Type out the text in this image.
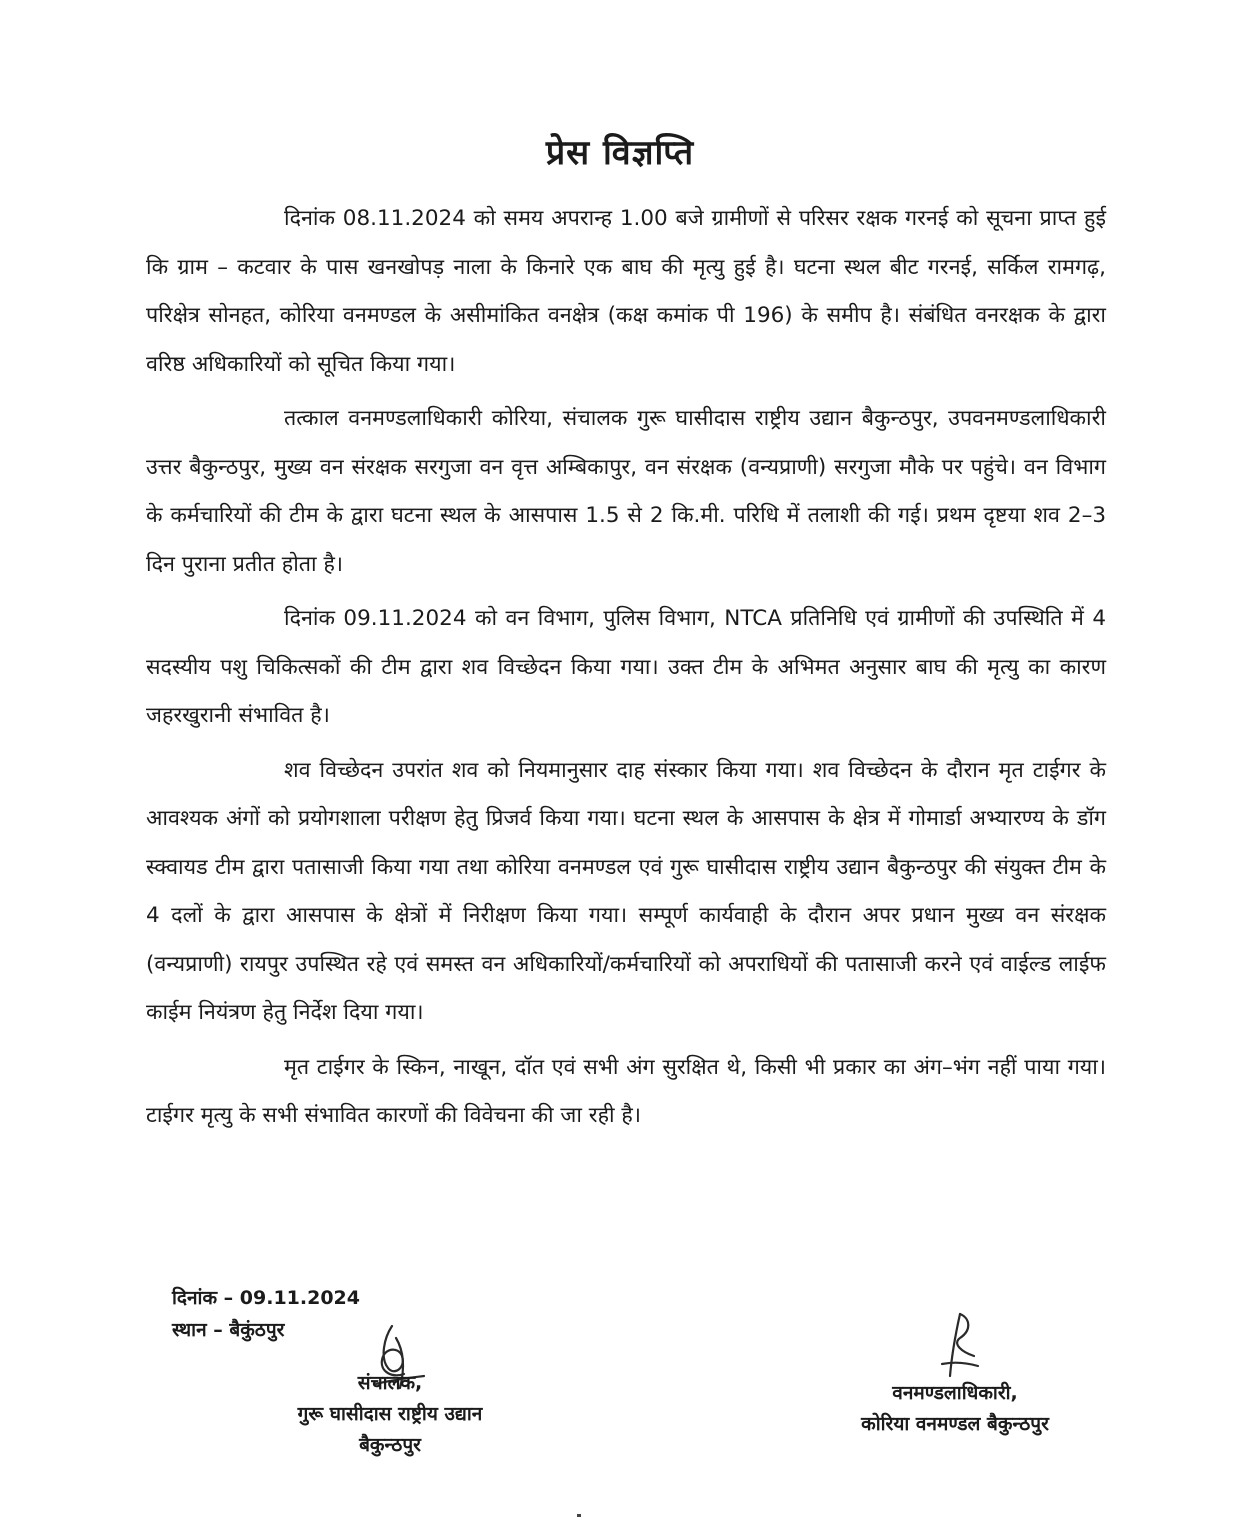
प्रेस विज्ञप्ति

दिनांक 08.11.2024 को समय अपरान्ह 1.00 बजे ग्रामीणों से परिसर रक्षक गरनई को सूचना प्राप्त हुई कि ग्राम – कटवार के पास खनखोपड़ नाला के किनारे एक बाघ की मृत्यु हुई है। घटना स्थल बीट गरनई, सर्किल रामगढ़, परिक्षेत्र सोनहत, कोरिया वनमण्डल के असीमांकित वनक्षेत्र (कक्ष कमांक पी 196) के समीप है। संबंधित वनरक्षक के द्वारा वरिष्ठ अधिकारियों को सूचित किया गया।

तत्काल वनमण्डलाधिकारी कोरिया, संचालक गुरू घासीदास राष्ट्रीय उद्यान बैकुन्ठपुर, उपवनमण्डलाधिकारी उत्तर बैकुन्ठपुर, मुख्य वन संरक्षक सरगुजा वन वृत्त अम्बिकापुर, वन संरक्षक (वन्यप्राणी) सरगुजा मौके पर पहुंचे। वन विभाग के कर्मचारियों की टीम के द्वारा घटना स्थल के आसपास 1.5 से 2 कि.मी. परिधि में तलाशी की गई। प्रथम दृष्टया शव 2–3 दिन पुराना प्रतीत होता है।

दिनांक 09.11.2024 को वन विभाग, पुलिस विभाग, NTCA प्रतिनिधि एवं ग्रामीणों की उपस्थिति में 4 सदस्यीय पशु चिकित्सकों की टीम द्वारा शव विच्छेदन किया गया। उक्त टीम के अभिमत अनुसार बाघ की मृत्यु का कारण जहरखुरानी संभावित है।

शव विच्छेदन उपरांत शव को नियमानुसार दाह संस्कार किया गया। शव विच्छेदन के दौरान मृत टाईगर के आवश्यक अंगों को प्रयोगशाला परीक्षण हेतु प्रिजर्व किया गया। घटना स्थल के आसपास के क्षेत्र में गोमार्डा अभ्यारण्य के डॉग स्क्वायड टीम द्वारा पतासाजी किया गया तथा कोरिया वनमण्डल एवं गुरू घासीदास राष्ट्रीय उद्यान बैकुन्ठपुर की संयुक्त टीम के 4 दलों के द्वारा आसपास के क्षेत्रों में निरीक्षण किया गया। सम्पूर्ण कार्यवाही के दौरान अपर प्रधान मुख्य वन संरक्षक (वन्यप्राणी) रायपुर उपस्थित रहे एवं समस्त वन अधिकारियों/कर्मचारियों को अपराधियों की पतासाजी करने एवं वाईल्ड लाईफ काईम नियंत्रण हेतु निर्देश दिया गया।

मृत टाईगर के स्किन, नाखून, दॉत एवं सभी अंग सुरक्षित थे, किसी भी प्रकार का अंग–भंग नहीं पाया गया। टाईगर मृत्यु के सभी संभावित कारणों की विवेचना की जा रही है।

दिनांक – 09.11.2024
स्थान – बैकुंठपुर
संचालक,
गुरू घासीदास राष्ट्रीय उद्यान
बैकुन्ठपुर
वनमण्डलाधिकारी,
कोरिया वनमण्डल बैकुन्ठपुर
